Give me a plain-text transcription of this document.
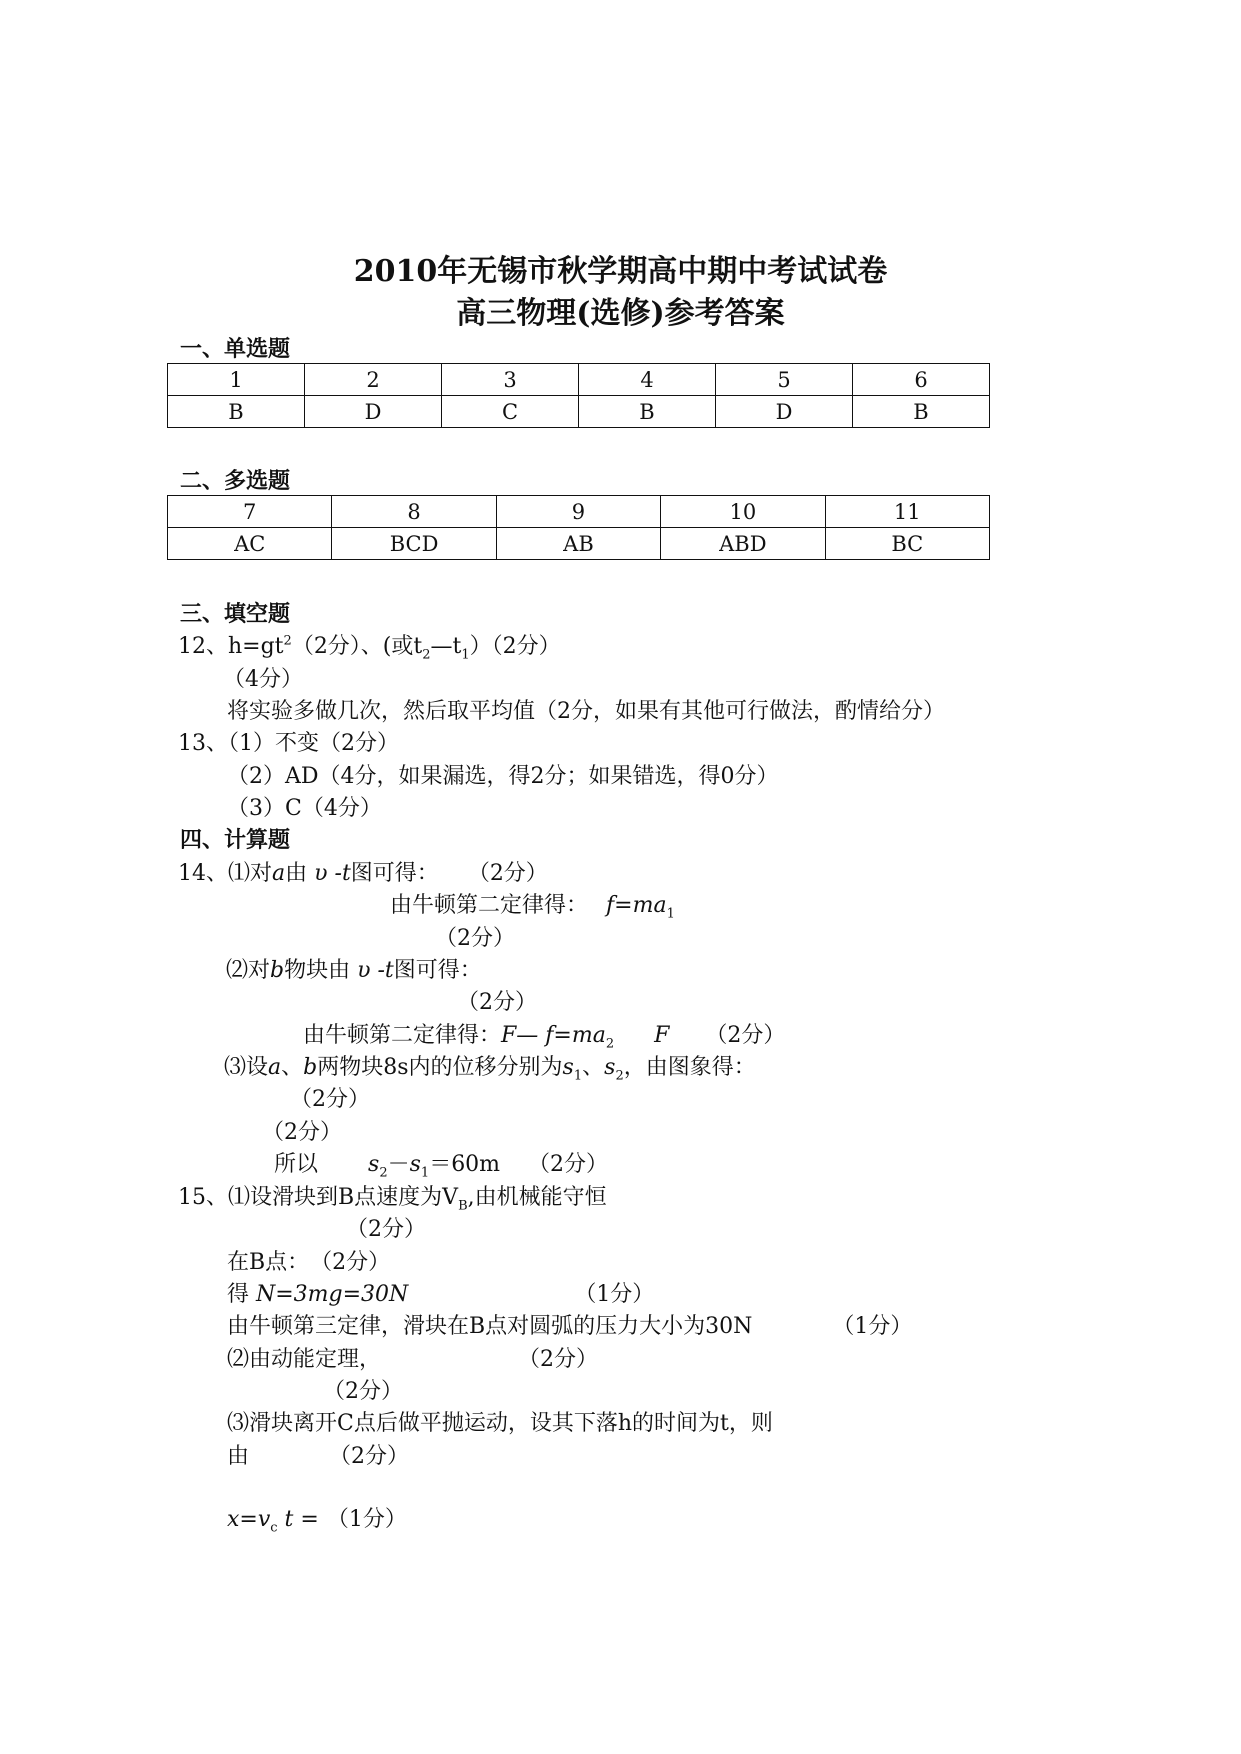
2010年无锡市秋学期高中期中考试试卷
高三物理(选修)参考答案
一、单选题
1	2	3	4	5	6
B	D	C	B	D	B
二、多选题
7	8	9	10	11
AC	BCD	AB	ABD	BC
三、填空题
12、$h=gt^2(2$分）、(或$t_2—t_1)(2$分）
（4分）
将实验多做几次，然后取平均值（2分，如果有其他可行做法，酌情给分）
13、（1）不变（2分）
（2）AD（4分，如果漏选，得2分；如果错选，得0分）
（3）C（4分）
四、计算题
14、⑴对a由 υ -t图可得： （2分）
由牛顿第二定律得： $f=ma_1$
（2分）
⑵对b物块由 υ -t图可得：
（2分）
由牛顿第二定律得：F— $f=ma_2$ F （2分）
⑶设a、b两物块8s内的位移分别为$s_1$、$s_2$，由图象得：
（2分）
（2分）
所以 $s_2-s_1=60m$ （2分）
15、⑴设滑块到B点速度为$V_B$,由机械能守恒
（2分）
在B点： （2分）
得 N=3mg=30N	（1分）
由牛顿第三定律，滑块在B点对圆弧的压力大小为30N	（1分）
⑵由动能定理，	（2分）
（2分）
⑶滑块离开C点后做平抛运动，设其下落h的时间为t，则
由	（2分）
$x=v_c$ t = （1分）
